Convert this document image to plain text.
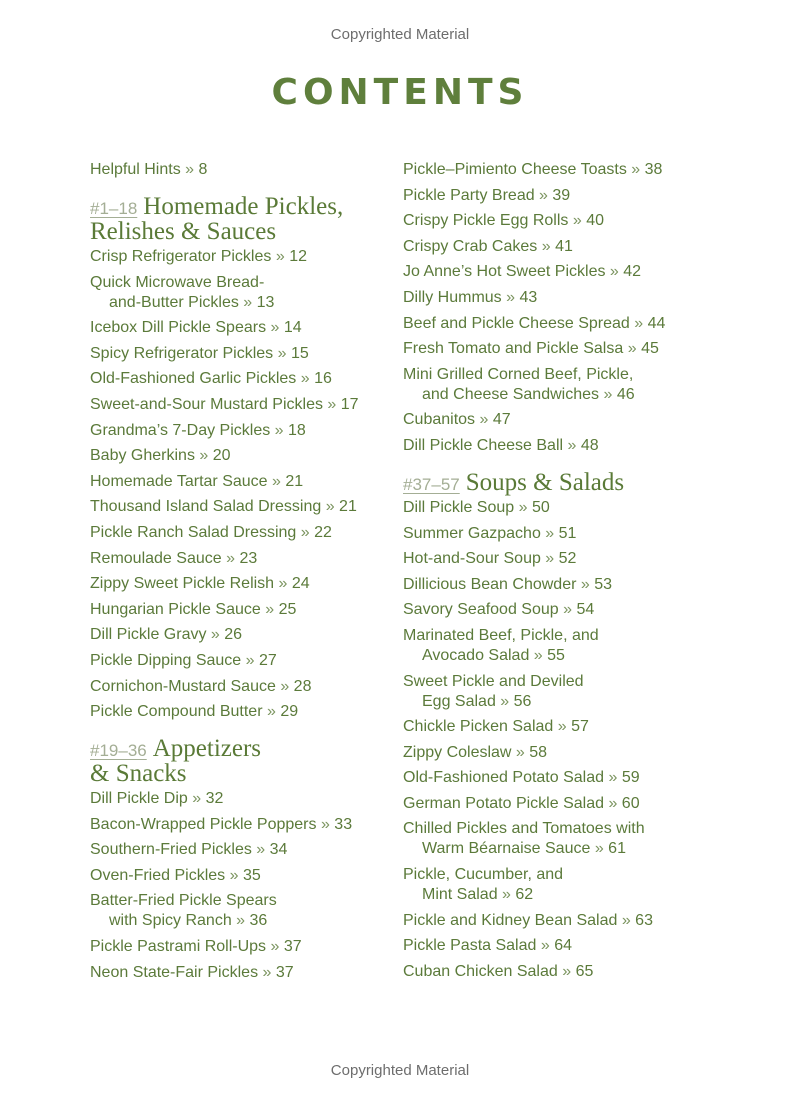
Copyrighted Material
CONTENTS
Helpful Hints » 8
#1–18 Homemade Pickles,
Relishes & Sauces
Crisp Refrigerator Pickles » 12
Quick Microwave Bread-
and-Butter Pickles » 13
Icebox Dill Pickle Spears » 14
Spicy Refrigerator Pickles » 15
Old-Fashioned Garlic Pickles » 16
Sweet-and-Sour Mustard Pickles » 17
Grandma’s 7-Day Pickles » 18
Baby Gherkins » 20
Homemade Tartar Sauce » 21
Thousand Island Salad Dressing » 21
Pickle Ranch Salad Dressing » 22
Remoulade Sauce » 23
Zippy Sweet Pickle Relish » 24
Hungarian Pickle Sauce » 25
Dill Pickle Gravy » 26
Pickle Dipping Sauce » 27
Cornichon-Mustard Sauce » 28
Pickle Compound Butter » 29
#19–36 Appetizers
& Snacks
Dill Pickle Dip » 32
Bacon-Wrapped Pickle Poppers » 33
Southern-Fried Pickles » 34
Oven-Fried Pickles » 35
Batter-Fried Pickle Spears
with Spicy Ranch » 36
Pickle Pastrami Roll-Ups » 37
Neon State-Fair Pickles » 37
Pickle–Pimiento Cheese Toasts » 38
Pickle Party Bread » 39
Crispy Pickle Egg Rolls » 40
Crispy Crab Cakes » 41
Jo Anne’s Hot Sweet Pickles » 42
Dilly Hummus » 43
Beef and Pickle Cheese Spread » 44
Fresh Tomato and Pickle Salsa » 45
Mini Grilled Corned Beef, Pickle,
and Cheese Sandwiches » 46
Cubanitos » 47
Dill Pickle Cheese Ball » 48
#37–57 Soups & Salads
Dill Pickle Soup » 50
Summer Gazpacho » 51
Hot-and-Sour Soup » 52
Dillicious Bean Chowder » 53
Savory Seafood Soup » 54
Marinated Beef, Pickle, and
Avocado Salad » 55
Sweet Pickle and Deviled
Egg Salad » 56
Chickle Picken Salad » 57
Zippy Coleslaw » 58
Old-Fashioned Potato Salad » 59
German Potato Pickle Salad » 60
Chilled Pickles and Tomatoes with
Warm Béarnaise Sauce » 61
Pickle, Cucumber, and
Mint Salad » 62
Pickle and Kidney Bean Salad » 63
Pickle Pasta Salad » 64
Cuban Chicken Salad » 65
Copyrighted Material
